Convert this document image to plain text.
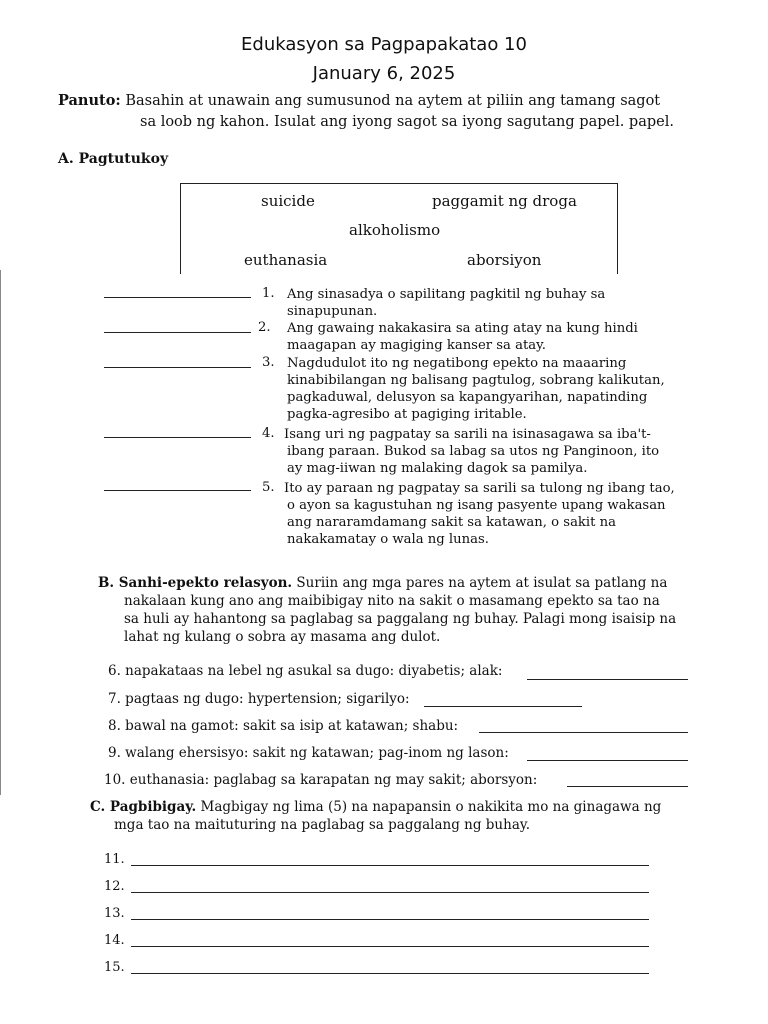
Edukasyon sa Pagpapakatao 10
January 6, 2025
Panuto: Basahin at unawain ang sumusunod na aytem at piliin ang tamang sagot
sa loob ng kahon. Isulat ang iyong sagot sa iyong sagutang papel. papel.
A. Pagtutukoy
suicide	paggamit ng droga
alkoholismo
euthanasia	aborsiyon
1. Ang sinasadya o sapilitang pagkitil ng buhay sa
sinapupunan.
2. Ang gawaing nakakasira sa ating atay na kung hindi
maagapan ay magiging kanser sa atay.
3. Nagdudulot ito ng negatibong epekto na maaaring
kinabibilangan ng balisang pagtulog, sobrang kalikutan,
pagkaduwal, delusyon sa kapangyarihan, napatinding
pagka-agresibo at pagiging iritable.
4. Isang uri ng pagpatay sa sarili na isinasagawa sa iba't-
ibang paraan. Bukod sa labag sa utos ng Panginoon, ito
ay mag-iiwan ng malaking dagok sa pamilya.
5. Ito ay paraan ng pagpatay sa sarili sa tulong ng ibang tao,
o ayon sa kagustuhan ng isang pasyente upang wakasan
ang nararamdamang sakit sa katawan, o sakit na
nakakamatay o wala ng lunas.
B. Sanhi-epekto relasyon. Suriin ang mga pares na aytem at isulat sa patlang na
nakalaan kung ano ang maibibigay nito na sakit o masamang epekto sa tao na
sa huli ay hahantong sa paglabag sa paggalang ng buhay. Palagi mong isaisip na
lahat ng kulang o sobra ay masama ang dulot.
6. napakataas na lebel ng asukal sa dugo: diyabetis; alak:
7. pagtaas ng dugo: hypertension; sigarilyo:
8. bawal na gamot: sakit sa isip at katawan; shabu:
9. walang ehersisyo: sakit ng katawan; pag-inom ng lason:
10. euthanasia: paglabag sa karapatan ng may sakit; aborsyon:
C. Pagbibigay. Magbigay ng lima (5) na napapansin o nakikita mo na ginagawa ng
mga tao na maituturing na paglabag sa paggalang ng buhay.
11.
12.
13.
14.
15.
